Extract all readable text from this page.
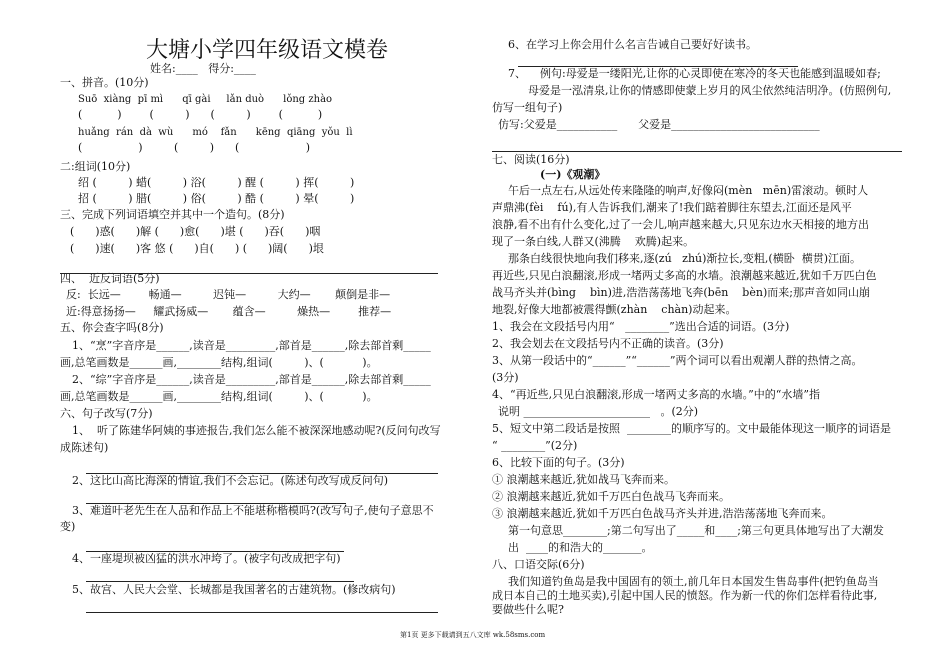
大塘小学四年级语文模卷
姓名:____   得分:____
一、拼音。(10分)
Suō  xiàng  pī mì      qī gài     lǎn duò      lǒng zhào
(          )        (         )      (         )        (          )
huǎng  rán  dà  wù      mó    fǎn      kēng  qiāng  yǒu  lì
(                )         (         )      (                   )
二:组词(10分)
绍 (         ) 蜡(         ) 浴(         ) 醒 (         ) 挥(         )
招 (         ) 腊(         ) 俗(         ) 酷 (         ) 晕(         )
三、完成下列词语填空并其中一个造句。(8分)
(      )惑(      )解 (      )愈(      )堪 (      )吞(      )咽
(      )速(      )客 悠 (      )自(      ) (      )阔(      )垠
四、  近反词语(5分)
反:  长远—        畅通—         迟钝—         大约—       颠倒是非—
近:得意扬扬—     耀武扬威—       蕴含—         燥热—        推荐—
五、你会查字吗(8分)
1、“烹”字音序是______,读音是_________,部首是______,除去部首剩_____
画,总笔画数是______画,________结构,组词(         )、(           )。
2、“综”字音序是______,读音是_________,部首是______,除去部首剩_____
画,总笔画数是______画,________结构,组词(         )、(           )。
六、句子改写(7分)
1、  听了陈建华阿姨的事迹报告,我们怎么能不被深深地感动呢?(反问句改写
成陈述句)
2、这比山高比海深的情谊,我们不会忘记。(陈述句改写成反问句)
3、难道叶老先生在人品和作品上不能堪称楷模吗?(改写句子,使句子意思不
变)
4、一座堤坝被凶猛的洪水冲垮了。(被字句改成把字句)
5、故宫、人民大会堂、长城都是我国著名的古建筑物。(修改病句)
6、在学习上你会用什么名言告诫自己要好好读书。
7、    例句:母爱是一缕阳光,让你的心灵即使在寒冷的冬天也能感到温暖如春;
母爱是一泓清泉,让你的情感即使蒙上岁月的风尘依然纯洁明净。(仿照例句,
仿写一组句子)
仿写:父爱是___________      父爱是___________________________
七、阅读(16分)
(一)《观潮》
午后一点左右,从远处传来隆隆的响声,好像闷(mèn   mēn)雷滚动。顿时人
声鼎沸(fèi    fú),有人告诉我们,潮来了!我们踮着脚往东望去,江面还是风平
浪静,看不出有什么变化,过了一会儿,响声越来越大,只见东边水天相接的地方出
现了一条白线,人群又(沸腾    欢腾)起来。
那条白线很快地向我们移来,逐(zú   zhú)渐拉长,变粗,(横卧  横贯)江面。
再近些,只见白浪翻滚,形成一堵两丈多高的水墙。浪潮越来越近,犹如千万匹白色
战马齐头并(bìng    bìn)进,浩浩荡荡地飞奔(bēn    bèn)而来;那声音如同山崩
地裂,好像大地都被震得颤(zhàn    chàn)动起来。
1、我会在文段括号内用“   ________”选出合适的词语。(3分)
2、我会划去在文段括号内不正确的读音。(3分)
3、从第一段话中的“______”“______”两个词可以看出观潮人群的热情之高。
(3分)
4、“再近些,只见白浪翻滚,形成一堵两丈多高的水墙。”中的“水墙”指
说明 _______________________   。(2分)
5、短文中第二段话是按照  ________的顺序写的。文中最能体现这一顺序的词语是
“ ________”(2分)
6、比较下面的句子。(3分)
① 浪潮越来越近,犹如战马飞奔而来。
② 浪潮越来越近,犹如千万匹白色战马飞奔而来。
③ 浪潮越来越近,犹如千万匹白色战马齐头并进,浩浩荡荡地飞奔而来。
第一句意思________;第二句写出了_____和____;第三句更具体地写出了大潮发
出  ____的和浩大的_______。
八、口语交际(6分)
我们知道钓鱼岛是我中国固有的领土,前几年日本国发生售岛事件(把钓鱼岛当
成日本自己的土地买卖),引起中国人民的愤怒。作为新一代的你们怎样看待此事,
要做些什么呢?
第1页 更多下载请到五八文库 wk.58sms.com
